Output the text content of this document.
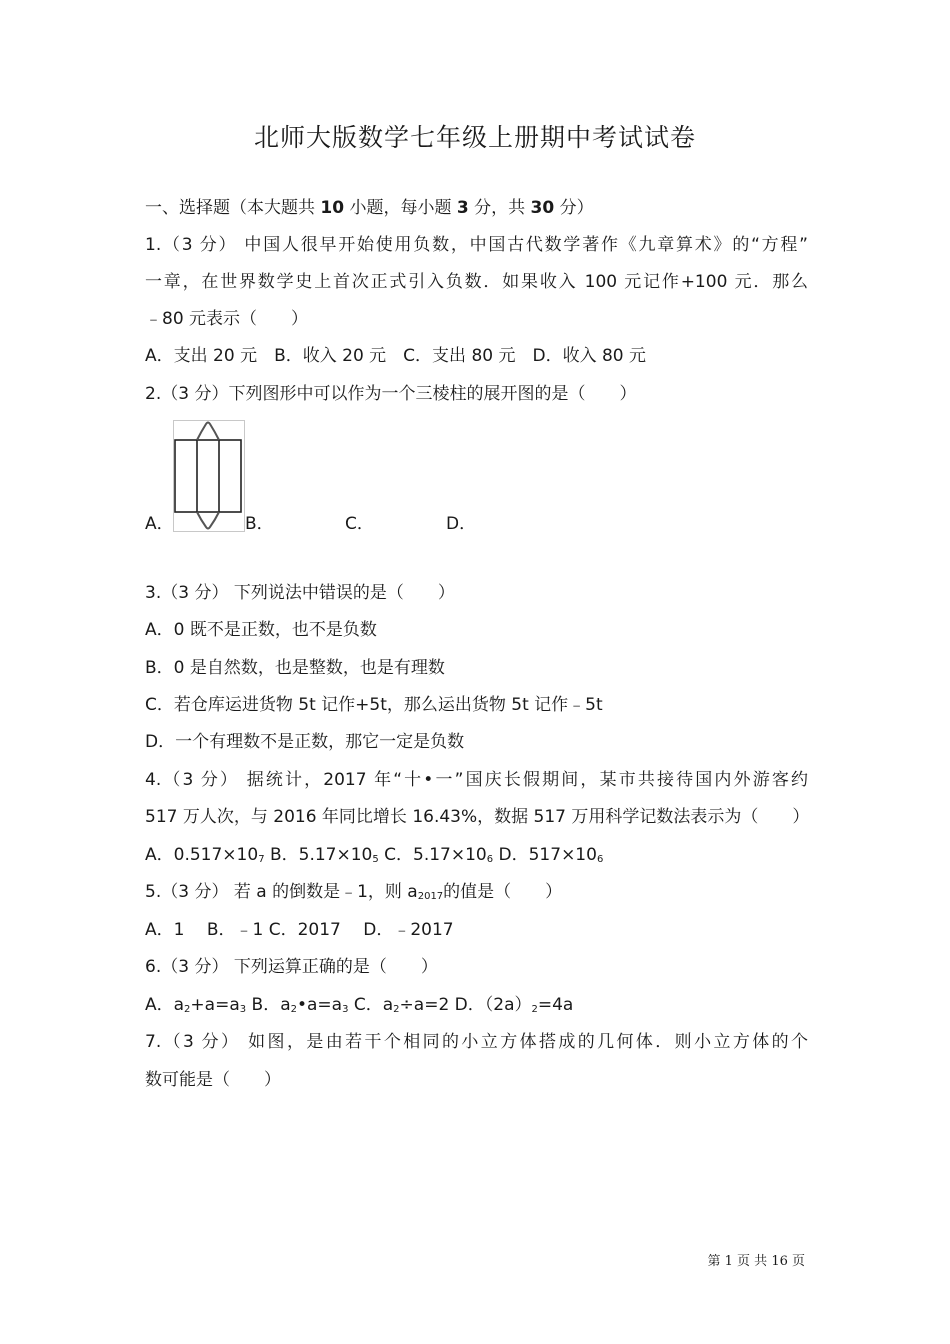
北师大版数学七年级上册期中考试试卷
一、选择题（本大题共 10 小题，每小题 3 分，共 30 分）
1.（3 分） 中国人很早开始使用负数，中国古代数学著作《九章算术》的“方程”
一章，在世界数学史上首次正式引入负数．如果收入 100 元记作+100 元．那么
﹣80 元表示（　　）
A．支出 20 元　B．收入 20 元　C．支出 80 元　D．收入 80 元
2.（3 分）下列图形中可以作为一个三棱柱的展开图的是（　　）
A．	B．	C．	D．
3.（3 分） 下列说法中错误的是（　　）
A．0 既不是正数，也不是负数
B．0 是自然数，也是整数，也是有理数
C．若仓库运进货物 5t 记作+5t，那么运出货物 5t 记作﹣5t
D．一个有理数不是正数，那它一定是负数
4.（3 分） 据统计，2017 年“十•一”国庆长假期间，某市共接待国内外游客约
517 万人次，与 2016 年同比增长 16.43%，数据 517 万用科学记数法表示为（　　）
A．$0.517\times 10_7$ B．$5.17\times 10_5$ C．$5.17\times 10_6$ D．$517\times 10_6$
5.（3 分） 若 a 的倒数是﹣1，则 $a_{2017}$的值是（　　）
A．1　 B．﹣1 C．2017　 D．﹣2017
6.（3 分） 下列运算正确的是（　　）
A．$a_2+a=a_3$ B．$a_2•a=a_3$ C．$a_2\div a=2$ D．$(2a)_2=4a$
7.（3 分） 如图，是由若干个相同的小立方体搭成的几何体．则小立方体的个
数可能是（　　）
第 1 页 共 16 页
